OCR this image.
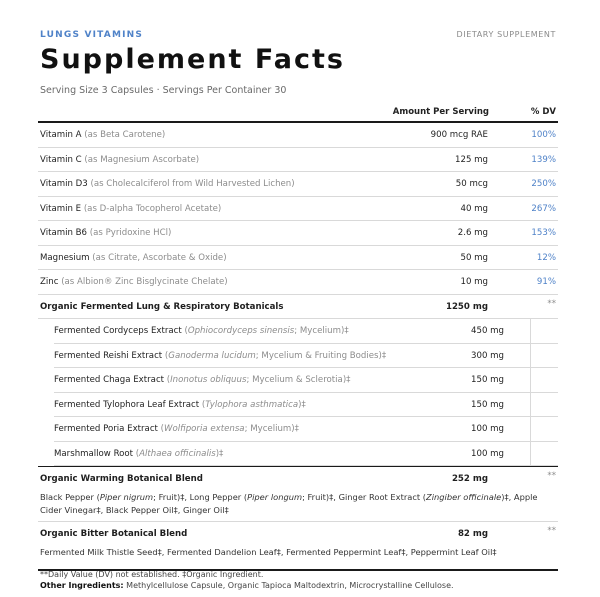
LUNGS VITAMINS	DIETARY SUPPLEMENT
Supplement Facts
Serving Size 3 Capsules · Servings Per Container 30
Amount Per Serving	% DV
Vitamin A (as Beta Carotene)	900 mcg RAE	100%
Vitamin C (as Magnesium Ascorbate)	125 mg	139%
Vitamin D3 (as Cholecalciferol from Wild Harvested Lichen)	50 mcg	250%
Vitamin E (as D-alpha Tocopherol Acetate)	40 mg	267%
Vitamin B6 (as Pyridoxine HCl)	2.6 mg	153%
Magnesium (as Citrate, Ascorbate & Oxide)	50 mg	12%
Zinc (as Albion® Zinc Bisglycinate Chelate)	10 mg	91%
Organic Fermented Lung & Respiratory Botanicals	1250 mg	**
Fermented Cordyceps Extract (Ophiocordyceps sinensis; Mycelium)‡	450 mg
Fermented Reishi Extract (Ganoderma lucidum; Mycelium & Fruiting Bodies)‡	300 mg
Fermented Chaga Extract (Inonotus obliquus; Mycelium & Sclerotia)‡	150 mg
Fermented Tylophora Leaf Extract (Tylophora asthmatica)‡	150 mg
Fermented Poria Extract (Wolfiporia extensa; Mycelium)‡	100 mg
Marshmallow Root (Althaea officinalis)‡	100 mg
Organic Warming Botanical Blend	252 mg	**
Black Pepper (Piper nigrum; Fruit)‡, Long Pepper (Piper longum; Fruit)‡, Ginger Root Extract (Zingiber officinale)‡, Apple Cider Vinegar‡, Black Pepper Oil‡, Ginger Oil‡
Organic Bitter Botanical Blend	82 mg	**
Fermented Milk Thistle Seed‡, Fermented Dandelion Leaf‡, Fermented Peppermint Leaf‡, Peppermint Leaf Oil‡
**Daily Value (DV) not established. ‡Organic Ingredient.
Other Ingredients: Methylcellulose Capsule, Organic Tapioca Maltodextrin, Microcrystalline Cellulose.
